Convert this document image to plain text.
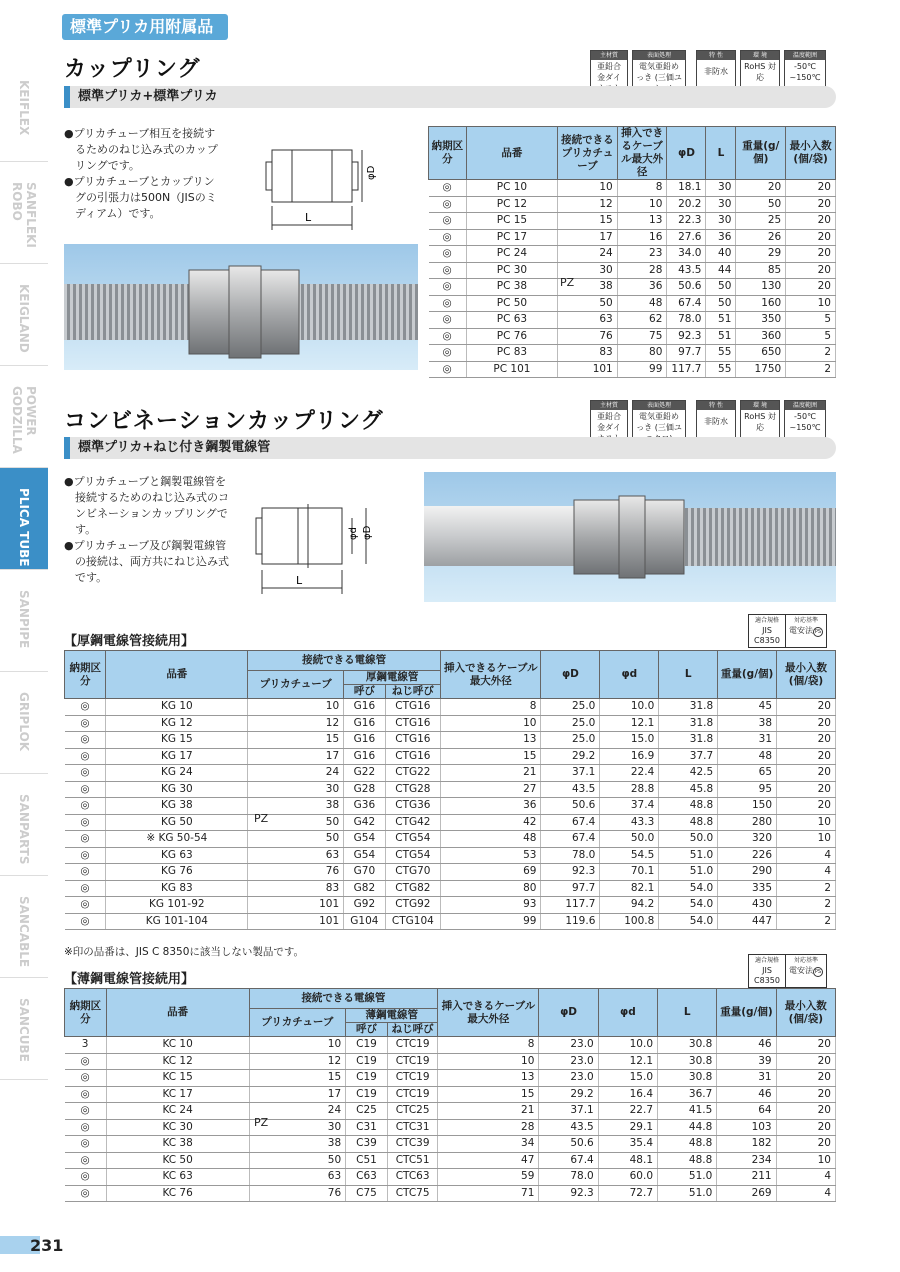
標準プリカ用附属品
KEIFLEX
SANFLEKI ROBO
KEIGLAND
POWER GODZILLA
PLICA TUBE
SANPIPE
GRIPLOK
SANPARTS
SANCABLE
SANCUBE
カップリング
主材質
亜鉛合金ダイ
表面処理
電気亜鉛めっき (三価ユ
特 性
非防水
環 境
RoHS 対応
温度範囲
-50℃ ~150℃
標準プリカ+標準プリカ

●プリカチューブ相互を接続するためのねじ込み式のカップリングです。

●プリカチューブとカップリングの引張力は500N（JISのミディアム）です。	L
φD
納期区分	品番	接続できるプリカチューブ	挿入できるケーブル最大外径	φD	L	重量(g/個)	最小入数(個/袋)
◎	PC 10	10	8	18.1	30	20	20
◎	PC 12	12	10	20.2	30	50	20
◎	PC 15	15	13	22.3	30	25	20
◎	PC 17	17	16	27.6	36	26	20
◎	PC 24	24	23	34.0	40	29	20
◎	PC 30	30	28	43.5	44	85	20
◎	PC 38	38	36	50.6	50	130	20
◎	PC 50	50	48	67.4	50	160	10
◎	PC 63	63	62	78.0	51	350	5
◎	PC 76	76	75	92.3	51	360	5
◎	PC 83	83	80	97.7	55	650	2
◎	PC 101	101	99	117.7	55	1750	2
コンビネーションカップリング
主材質
亜鉛合金ダイ
表面処理
電気亜鉛めっき (三価ユ
特 性
非防水
環 境
RoHS 対応
温度範囲
-50℃ ~150℃
標準プリカ+ねじ付き鋼製電線管

●プリカチューブと鋼製電線管を接続するためのねじ込み式のコンビネーションカップリングです。

●プリカチューブ及び鋼製電線管の接続は、両方共にねじ込み式です。	L
φd φD
【厚鋼電線管接続用】
適合規格
JIS C8350
対応基準
電安法 PS
納期区分	品番	接続できる電線管			挿入できるケーブル最大外径	φD	φd	L	重量(g/個)	最小入数(個/袋)
		プリカチューブ	厚鋼電線管							
			呼び	ねじ呼び						
◎	KG 10	10	G16	CTG16	8	25.0	10.0	31.8	45	20
◎	KG 12	12	G16	CTG16	10	25.0	12.1	31.8	38	20
◎	KG 15	15	G16	CTG16	13	25.0	15.0	31.8	31	20
◎	KG 17	17	G16	CTG16	15	29.2	16.9	37.7	48	20
◎	KG 24	24	G22	CTG22	21	37.1	22.4	42.5	65	20
◎	KG 30	30	G28	CTG28	27	43.5	28.8	45.8	95	20
◎	KG 38	38	G36	CTG36	36	50.6	37.4	48.8	150	20
◎	KG 50	50	G42	CTG42	42	67.4	43.3	48.8	280	10
◎	※ KG 50-54	50	G54	CTG54	48	67.4	50.0	50.0	320	10
◎	KG 63	63	G54	CTG54	53	78.0	54.5	51.0	226	4
◎	KG 76	76	G70	CTG70	69	92.3	70.1	51.0	290	4
◎	KG 83	83	G82	CTG82	80	97.7	82.1	54.0	335	2
◎	KG 101-92	101	G92	CTG92	93	117.7	94.2	54.0	430	2
◎	KG 101-104	101	G104	CTG104	99	119.6	100.8	54.0	447	2
※印の品番は、JIS C 8350に該当しない製品です。
【薄鋼電線管接続用】
適合規格
JIS C8350
対応基準
電安法 PS
納期区分	品番	接続できる電線管			挿入できるケーブル最大外径	φD	φd	L	重量(g/個)	最小入数(個/袋)
		プリカチューブ	薄鋼電線管							
			呼び	ねじ呼び						
3	KC 10	10	C19	CTC19	8	23.0	10.0	30.8	46	20
◎	KC 12	12	C19	CTC19	10	23.0	12.1	30.8	39	20
◎	KC 15	15	C19	CTC19	13	23.0	15.0	30.8	31	20
◎	KC 17	17	C19	CTC19	15	29.2	16.4	36.7	46	20
◎	KC 24	24	C25	CTC25	21	37.1	22.7	41.5	64	20
◎	KC 30	30	C31	CTC31	28	43.5	29.1	44.8	103	20
◎	KC 38	38	C39	CTC39	34	50.6	35.4	48.8	182	20
◎	KC 50	50	C51	CTC51	47	67.4	48.1	48.8	234	10
◎	KC 63	63	C63	CTC63	59	78.0	60.0	51.0	211	4
◎	KC 76	76	C75	CTC75	71	92.3	72.7	51.0	269	4
231
PZ
PZ
PZ
